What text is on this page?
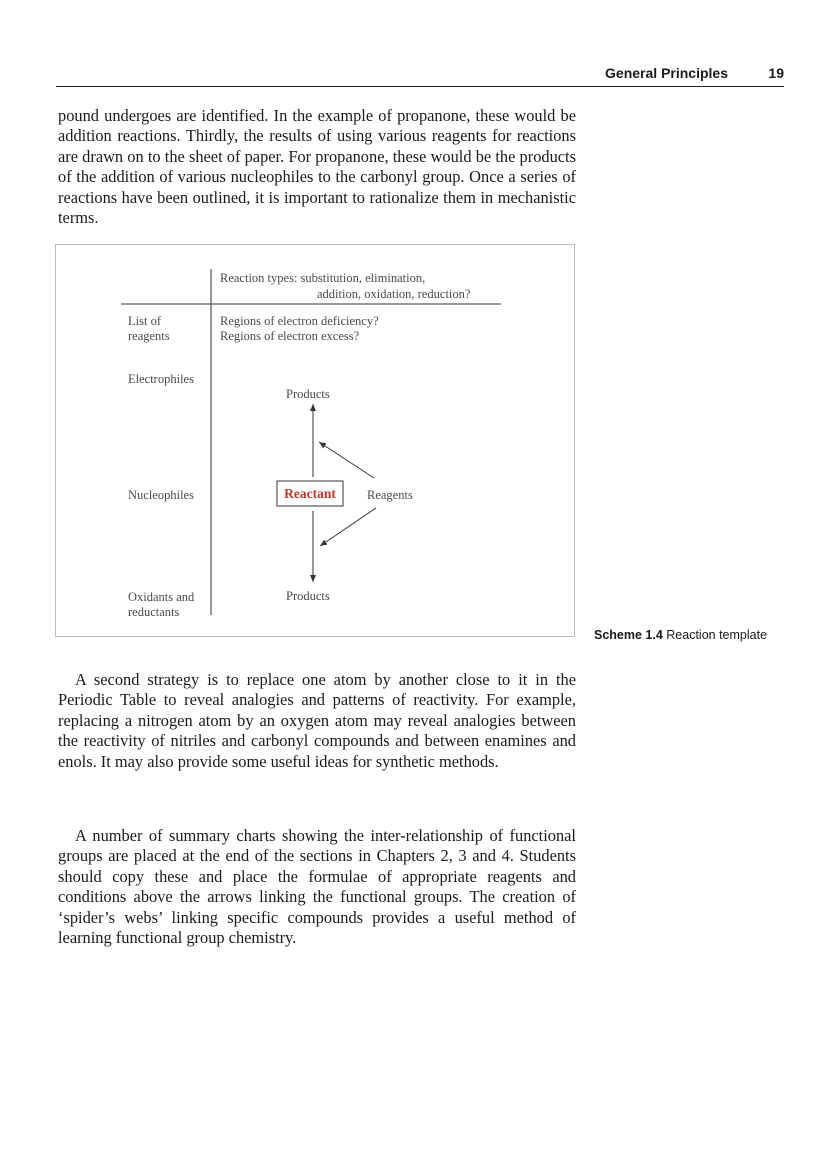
General Principles	19

pound undergoes are identified. In the example of propanone, these would be addition reactions. Thirdly, the results of using various reagents for reactions are drawn on to the sheet of paper. For propanone, these would be the products of the addition of various nucleophiles to the carbonyl group. Once a series of reactions have been outlined, it is important to rationalize them in mechanistic terms.

Reaction types: substitution, elimination,
addition, oxidation, reduction?
List of
reagents
Regions of electron deficiency?
Regions of electron excess?
Electrophiles
Nucleophiles
Oxidants and
reductants
Products
Reactant Reagents
Products
Scheme 1.4 Reaction template

A second strategy is to replace one atom by another close to it in the Periodic Table to reveal analogies and patterns of reactivity. For example, replacing a nitrogen atom by an oxygen atom may reveal analogies between the reactivity of nitriles and carbonyl compounds and between enamines and enols. It may also provide some useful ideas for synthetic methods.

A number of summary charts showing the inter-relationship of functional groups are placed at the end of the sections in Chapters 2, 3 and 4. Students should copy these and place the formulae of appropriate reagents and conditions above the arrows linking the functional groups. The creation of ‘spider’s webs’ linking specific compounds provides a useful method of learning functional group chemistry.
